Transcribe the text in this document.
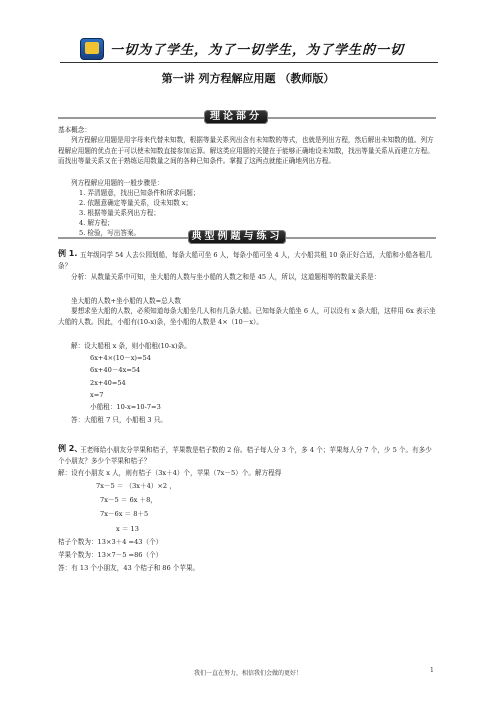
一切为了学生，为了一切学生，为了学生的一切
第一讲 列方程解应用题 （教师版）
理论部分
基本概念：
列方程解应用题是用字母来代替未知数，根据等量关系列出含有未知数的等式，也就是列出方程，然后解出未知数的值。列方程解应用题的优点在于可以使未知数直接参加运算。解这类应用题的关键在于能够正确地设未知数，找出等量关系从而建立方程。而找出等量关系又在于熟练运用数量之间的各种已知条件。掌握了这两点就能正确地列出方程。
列方程解应用题的一般步骤是：
1. 弄清题意，找出已知条件和所求问题；
2. 依题意确定等量关系，设未知数 x；
3. 根据等量关系列出方程；
4. 解方程；
5. 检验，写出答案。	典型例题与练习
例 1. 五年级同学 54 人去公园划船，每条大船可坐 6 人，每条小船可坐 4 人，大小船共租 10 条正好合适，大船和小船各租几条？
分析：从数量关系中可知，坐大船的人数与坐小船的人数之和是 45 人，所以，这道题相等的数量关系是：
坐大船的人数+坐小船的人数=总人数
要想求坐大船的人数，必须知道每条大船坐几人和有几条大船。已知每条大船坐 6 人，可以设有 x 条大船，这样用 6x 表示坐大船的人数。因此，小船有(10-x)条，坐小船的人数是 4×（10－x）。
解：设大船租 x 条，则小船租(10-x)条。
6x+4×(10－x)=54
6x+40－4x=54
2x+40=54
x=7
小船租：10-x=10-7=3
答：大船租 7 只，小船租 3 只。
例 2、
王老师给小朋友分苹果和桔子，苹果数是桔子数的 2 倍。桔子每人分 3 个，多 4 个；苹果每人分 7 个，少 5 个。有多少个小朋友？多少个苹果和桔子？
解：设有小朋友 x 人，则有桔子（3x＋4）个，苹果（7x－5）个。解方程得
7x－5 ＝ （3x＋4）×2 ，
7x－5 ＝ 6x ＋8，
7x－6x ＝ 8＋5
x ＝ 13
桔子个数为：13×3＋4 =43（个）
苹果个数为：13×7－5 =86（个）
答：有 13 个小朋友，43 个桔子和 86 个苹果。
我们一直在努力，相信我们会做的更好！	1
